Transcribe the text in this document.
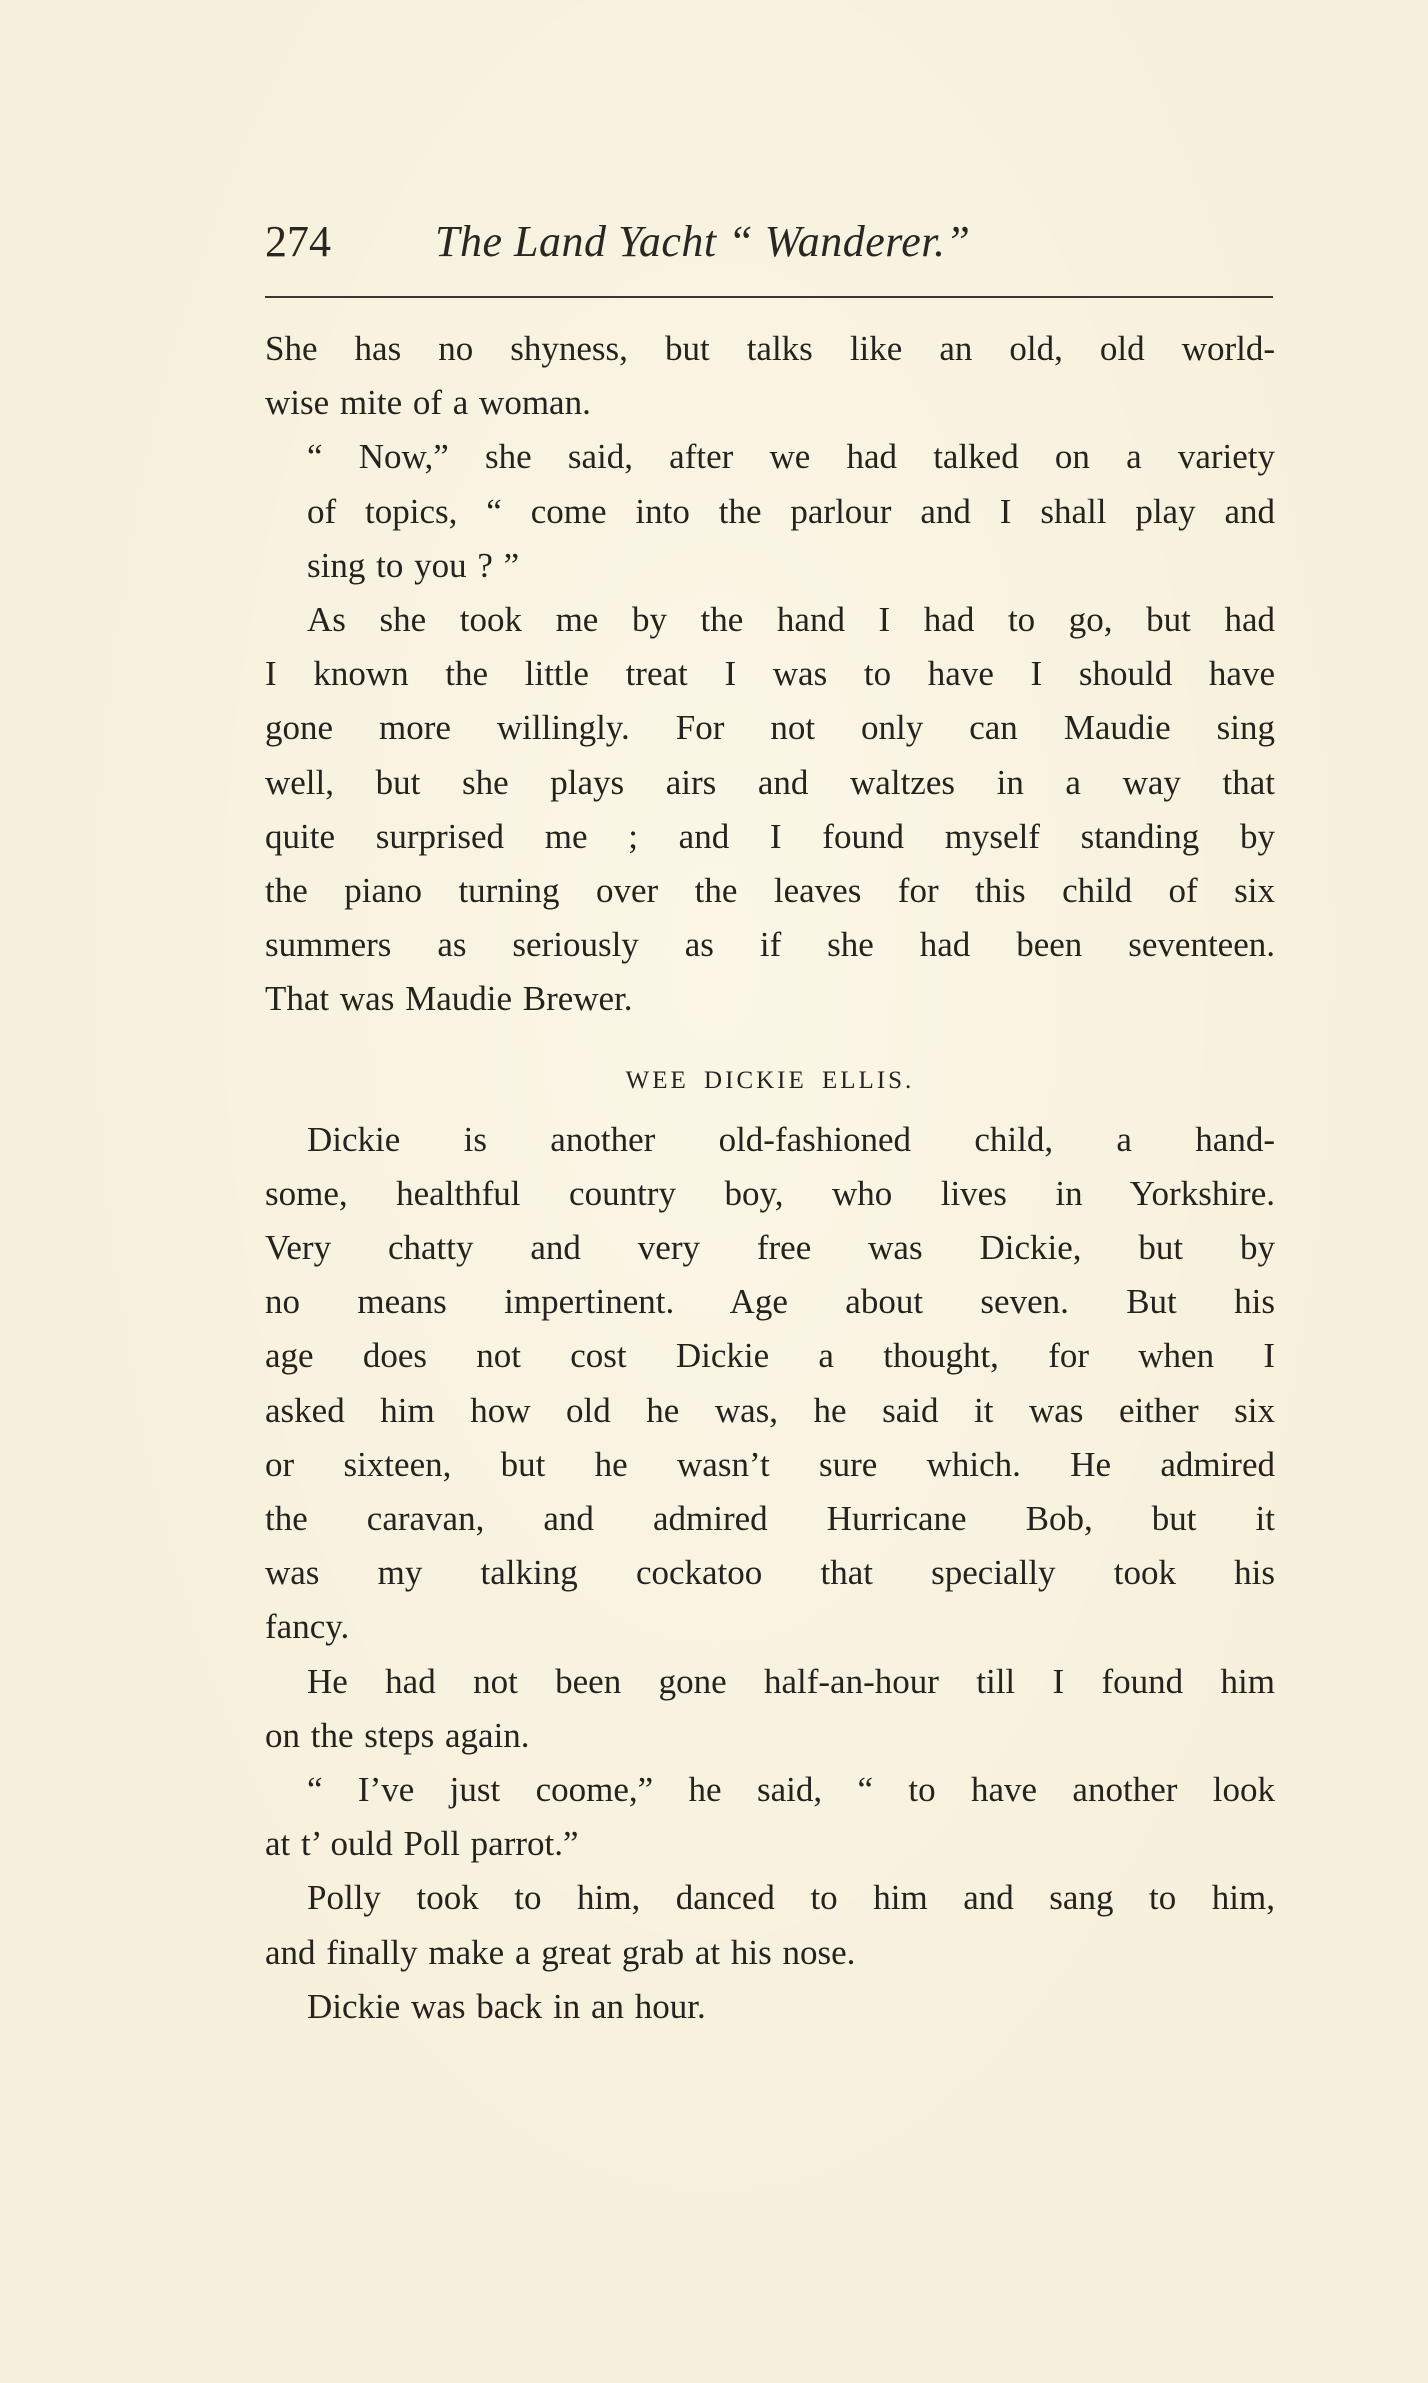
274 The Land Yacht “ Wanderer.”

She has no shyness, but talks like an old, old world-
wise mite of a woman.

“ Now,” she said, after we had talked on a variety
of topics, “ come into the parlour and I shall play and
sing to you ? ”

As she took me by the hand I had to go, but had
I known the little treat I was to have I should have
gone more willingly. For not only can Maudie sing
well, but she plays airs and waltzes in a way that
quite surprised me ; and I found myself standing by
the piano turning over the leaves for this child of six
summers as seriously as if she had been seventeen.
That was Maudie Brewer.

WEE DICKIE ELLIS.

Dickie is another old-fashioned child, a hand-
some, healthful country boy, who lives in Yorkshire.
Very chatty and very free was Dickie, but by
no means impertinent. Age about seven. But his
age does not cost Dickie a thought, for when I
asked him how old he was, he said it was either six
or sixteen, but he wasn’t sure which. He admired
the caravan, and admired Hurricane Bob, but it
was my talking cockatoo that specially took his
fancy.

He had not been gone half-an-hour till I found him
on the steps again.

“ I’ve just coome,” he said, “ to have another look
at t’ ould Poll parrot.”

Polly took to him, danced to him and sang to him,
and finally make a great grab at his nose.

Dickie was back in an hour.
